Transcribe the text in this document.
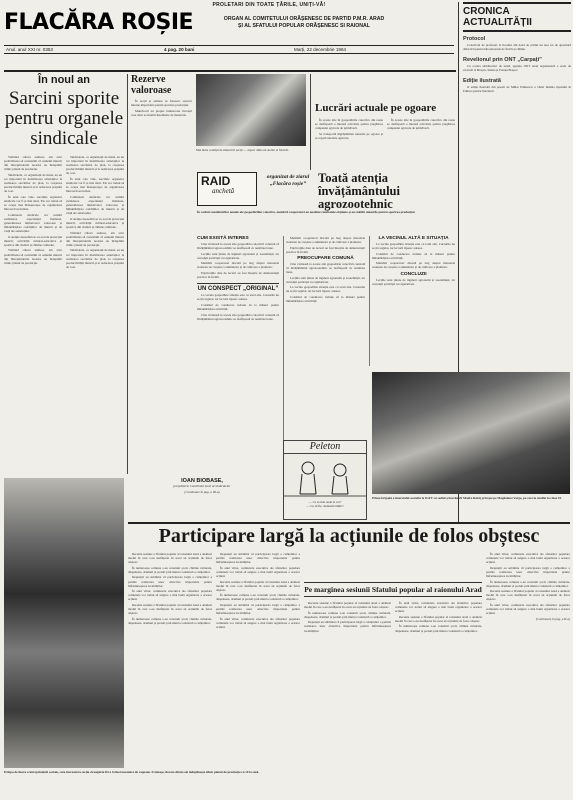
PROLETARI DIN TOATE ȚĂRILE, UNIȚI-VĂ!
FLACĂRA ROȘIE	ORGAN AL COMITETULUI ORĂȘENESC DE PARTID P.M.R. ARAD
ȘI AL SFATULUI POPULAR ORĂȘENESC SI RAIONAL
Anul. anul XXI nr. 0353	4 pag. 20 bani	Marți, 22 decembrie 1964
CRONICA ACTUALITĂȚII
Protocol

Colectivul de profesori al liceului din Arad au primit un nou lot de aparatură didactică pentru laboratoarele de fizică și chimie.

Revelionul prin ONT „Carpați”

Cu ocazia sărbătorilor de iarnă, agenția ONT Arad organizează o serie de excursii la Brașov, Sinaia și Poiana Brașov.

Ediție ilustrată

O ediție ilustrată din poezii de Mihai Eminescu a văzut lumina tiparului în Editura pentru literatură.

În noul an
Sarcini sporite pentru organele sindicale

Vizitând câteva ateliere, am avut posibilitatea să constatăm că oamenii muncii din întreprinderile noastre au îndeplinit ritmic planul de producție.

Sindicatele, ca organizații de masă, au un rol important în mobilizarea salariaților la realizarea sarcinilor de plan, la creșterea productivității muncii și la reducerea prețului de cost.

În anul care vine, sarcinile organelor sindicale vor fi și mai mari. Ele vor trebui să se ocupe mai îndeaproape de organizarea întrecerii socialiste.

Comitetele sindicale vor urmări extinderea experienței înaintate, generalizarea inițiativelor valoroase și îmbunătățirea condițiilor de muncă și de viață ale salariaților.

O atenție deosebită se va acorda protecției muncii, activității cultural-educative și sportive din cluburi și cămine culturale.

Vizitând câteva ateliere, am avut posibilitatea să constatăm că oamenii muncii din întreprinderile noastre au îndeplinit ritmic planul de producție.

Sindicatele, ca organizații de masă, au un rol important în mobilizarea salariaților la realizarea sarcinilor de plan, la creșterea productivității muncii și la reducerea prețului de cost.

În anul care vine, sarcinile organelor sindicale vor fi și mai mari. Ele vor trebui să se ocupe mai îndeaproape de organizarea întrecerii socialiste.

Comitetele sindicale vor urmări extinderea experienței înaintate, generalizarea inițiativelor valoroase și îmbunătățirea condițiilor de muncă și de viață ale salariaților.

O atenție deosebită se va acorda protecției muncii, activității cultural-educative și sportive din cluburi și cămine culturale.

Vizitând câteva ateliere, am avut posibilitatea să constatăm că oamenii muncii din întreprinderile noastre au îndeplinit ritmic planul de producție.

Sindicatele, ca organizații de masă, au un rol important în mobilizarea salariaților la realizarea sarcinilor de plan, la creșterea productivității muncii și la reducerea prețului de cost.

Rezerve valoroase

În secții și ateliere se folosesc rezerve interne importante pentru sporirea producției.

Muncitorii au propus numeroase inovații care aduc economii însemnate de materiale.

Mai bune condiții de muncă în secții — aspect dintr-un atelier al fabricii.
Lucrări actuale pe ogoare

În aceste zile în gospodăriile colective din raion se desfășoară o intensă activitate pentru pregătirea campaniei agricole de primăvară.

Se transportă îngrășăminte naturale pe ogoare și se repară uneltele agricole.

În aceste zile în gospodăriile colective din raion se desfășoară o intensă activitate pentru pregătirea campaniei agricole de primăvară.

RAID
anchetă
organizat de ziarul „Flacăra roșie” Toată atenția învățământului agrozootehnic
În cadrul consfătuirilor anuale ale gospodăriilor colective, membrii cooperatori au analizat rezultatele obținute și au stabilit măsurile pentru sporirea producției.
CUM EXISTĂ INTERES

Cine vizitează la aceste zile gospodăria colectivă constată că învățământul agrozootehnic se desfășoară cu rezultate bune.

Lecțiile sunt ținute de ingineri agronomi și zootehniști, iar cursanții participă cu regularitate.

Membrii cooperatori discută pe larg despre metodele avansate de creștere a animalelor și de cultivare a plantelor.

Explicațiile date de lectori au fost însoțite de demonstrații practice în fermă.

UN CONSPECT „ORIGINAL”

La vecina gospodărie situația este cu totul alta. Cursurile nu se țin regulat, iar lectorii lipsesc adesea.

Consiliul de conducere trebuie să ia măsuri pentru îmbunătățirea activității.

Cine vizitează la aceste zile gospodăria colectivă constată că învățământul agrozootehnic se desfășoară cu rezultate bune.

Membrii cooperatori discută pe larg despre metodele avansate de creștere a animalelor și de cultivare a plantelor.

Explicațiile date de lectori au fost însoțite de demonstrații practice în fermă.

PREOCUPARE COMUNĂ

Cine vizitează la aceste zile gospodăria colectivă constată că învățământul agrozootehnic se desfășoară cu rezultate bune.

Lecțiile sunt ținute de ingineri agronomi și zootehniști, iar cursanții participă cu regularitate.

La vecina gospodărie situația este cu totul alta. Cursurile nu se țin regulat, iar lectorii lipsesc adesea.

Consiliul de conducere trebuie să ia măsuri pentru îmbunătățirea activității.

LA VECINUL ALTĂ E SITUAȚIA

La vecina gospodărie situația este cu totul alta. Cursurile nu se țin regulat, iar lectorii lipsesc adesea.

Consiliul de conducere trebuie să ia măsuri pentru îmbunătățirea activității.

Membrii cooperatori discută pe larg despre metodele avansate de creștere a animalelor și de cultivare a plantelor.

CONCLUZII

Lecțiile sunt ținute de ingineri agronomi și zootehniști, iar cursanții participă cu regularitate.

Prima brigadă a tineretului socialist la IGFT cu sediul și lucrătorii Madra Rubiț privește pe Magdalena Varga, pe care la studiat la clasa 10.
Peleton
— Ce se mai aude la voi?
— Ce să fie, dedesubt nimic!
IOAN BIOBASE,
președintele Consiliului local al sindicatelor
(Continuare în pag. a III-a)
Participare largă la acțiunile de folos obștesc

Recenta sesiune a Sfatului popular al raionului Arad a analizat modul în care s-au desfășurat în acest an acțiunile de folos obștesc.

În numeroase comune s-au construit școli, cămine culturale, dispensare, drumuri și poduri prin munca voluntară a cetățenilor.

Deputații au subliniat că participarea largă a cetățenilor a permis realizarea unor obiective importante pentru înfrumusețarea localităților.

În anul viitor, comitetele executive ale sfaturilor populare comunale vor trebui să asigure o mai bună organizare a acestor acțiuni.

Recenta sesiune a Sfatului popular al raionului Arad a analizat modul în care s-au desfășurat în acest an acțiunile de folos obștesc.

În numeroase comune s-au construit școli, cămine culturale, dispensare, drumuri și poduri prin munca voluntară a cetățenilor.

Deputații au subliniat că participarea largă a cetățenilor a permis realizarea unor obiective importante pentru înfrumusețarea localităților.

În anul viitor, comitetele executive ale sfaturilor populare comunale vor trebui să asigure o mai bună organizare a acestor acțiuni.

Recenta sesiune a Sfatului popular al raionului Arad a analizat modul în care s-au desfășurat în acest an acțiunile de folos obștesc.

În numeroase comune s-au construit școli, cămine culturale, dispensare, drumuri și poduri prin munca voluntară a cetățenilor.

Deputații au subliniat că participarea largă a cetățenilor a permis realizarea unor obiective importante pentru înfrumusețarea localităților.

În anul viitor, comitetele executive ale sfaturilor populare comunale vor trebui să asigure o mai bună organizare a acestor acțiuni.

Pe marginea sesiunii Sfatului popular al raionului Arad

Recenta sesiune a Sfatului popular al raionului Arad a analizat modul în care s-au desfășurat în acest an acțiunile de folos obștesc.

În numeroase comune s-au construit școli, cămine culturale, dispensare, drumuri și poduri prin munca voluntară a cetățenilor.

Deputații au subliniat că participarea largă a cetățenilor a permis realizarea unor obiective importante pentru înfrumusețarea localităților.

În anul viitor, comitetele executive ale sfaturilor populare comunale vor trebui să asigure o mai bună organizare a acestor acțiuni.

Recenta sesiune a Sfatului popular al raionului Arad a analizat modul în care s-au desfășurat în acest an acțiunile de folos obștesc.

În numeroase comune s-au construit școli, cămine culturale, dispensare, drumuri și poduri prin munca voluntară a cetățenilor.

În anul viitor, comitetele executive ale sfaturilor populare comunale vor trebui să asigure o mai bună organizare a acestor acțiuni.

Deputații au subliniat că participarea largă a cetățenilor a permis realizarea unor obiective importante pentru înfrumusețarea localităților.

În numeroase comune s-au construit școli, cămine culturale, dispensare, drumuri și poduri prin munca voluntară a cetățenilor.

Recenta sesiune a Sfatului popular al raionului Arad a analizat modul în care s-au desfășurat în acest an acțiunile de folos obștesc.

În anul viitor, comitetele executive ale sfaturilor populare comunale vor trebui să asigure o mai bună organizare a acestor acțiuni.

(Continuare în pag. a II-a)

Echipa de tinere a întreprinderii sociale, care lucrează la secția strungărie III a Uzinei mecanice de vagoane. Fruntașe, fiecare dintre ele îndeplinește zilnic planul de producție cu 10 la sută.
